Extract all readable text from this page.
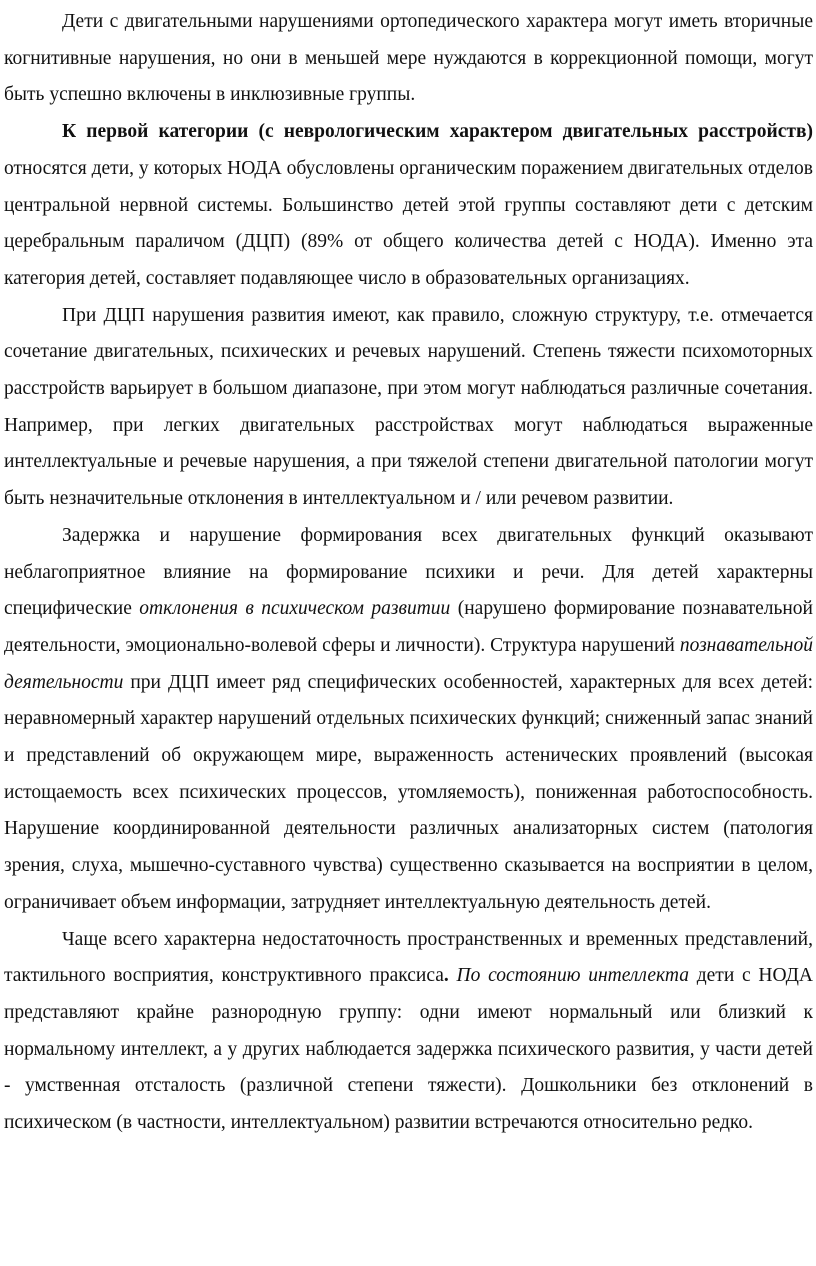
Дети с двигательными нарушениями ортопедического характера могут иметь вторичные когнитивные нарушения, но они в меньшей мере нуждаются в коррекционной помощи, могут быть успешно включены в инклюзивные группы.

К первой категории (с неврологическим характером двигательных расстройств) относятся дети, у которых НОДА обусловлены органическим поражением двигательных отделов центральной нервной системы. Большинство детей этой группы составляют дети с детским церебральным параличом (ДЦП) (89% от общего количества детей с НОДА). Именно эта категория детей, составляет подавляющее число в образовательных организациях.

При ДЦП нарушения развития имеют, как правило, сложную структуру, т.е. отмечается сочетание двигательных, психических и речевых нарушений. Степень тяжести психомоторных расстройств варьирует в большом диапазоне, при этом могут наблюдаться различные сочетания. Например, при легких двигательных расстройствах могут наблюдаться выраженные интеллектуальные и речевые нарушения, а при тяжелой степени двигательной патологии могут быть незначительные отклонения в интеллектуальном и / или речевом развитии.

Задержка и нарушение формирования всех двигательных функций оказывают неблагоприятное влияние на формирование психики и речи. Для детей характерны специфические отклонения в психическом развитии (нарушено формирование познавательной деятельности, эмоционально-волевой сферы и личности). Структура нарушений познавательной деятельности при ДЦП имеет ряд специфических особенностей, характерных для всех детей: неравномерный характер нарушений отдельных психических функций; сниженный запас знаний и представлений об окружающем мире, выраженность астенических проявлений (высокая истощаемость всех психических процессов, утомляемость), пониженная работоспособность. Нарушение координированной деятельности различных анализаторных систем (патология зрения, слуха, мышечно-суставного чувства) существенно сказывается на восприятии в целом, ограничивает объем информации, затрудняет интеллектуальную деятельность детей.

Чаще всего характерна недостаточность пространственных и временных представлений, тактильного восприятия, конструктивного праксиса. По состоянию интеллекта дети с НОДА представляют крайне разнородную группу: одни имеют нормальный или близкий к нормальному интеллект, а у других наблюдается задержка психического развития, у части детей - умственная отсталость (различной степени тяжести). Дошкольники без отклонений в психическом (в частности, интеллектуальном) развитии встречаются относительно редко.
